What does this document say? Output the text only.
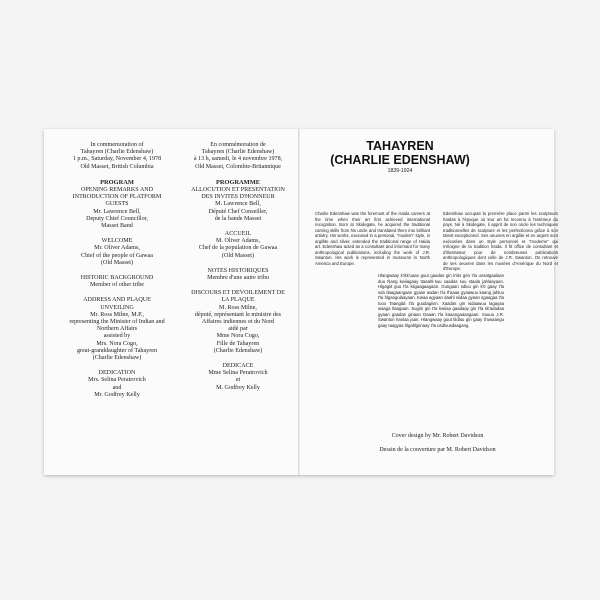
In commemoration of
Tahayren (Charlie Edenshaw)
1 p.m., Saturday, November 4, 1978
Old Masset, British Columbia
PROGRAM
OPENING REMARKS AND
INTRODUCTION OF PLATFORM
GUESTS
Mr. Lawrence Bell,
Deputy Chief Councillor,
Masset Band
WELCOME
Mr. Oliver Adams,
Chief of the people of Gawaa
(Old Masset)
HISTORIC BACKGROUND
Member of other tribe
ADDRESS AND PLAQUE
UNVEILING
Mr. Ross Milne, M.P.,
representing the Minister of Indian and
Northern Affairs
assisted by
Mrs. Nora Cogo,
great-granddaughter of Tahayren
(Charlie Edenshaw)
DEDICATION
Mrs. Selina Peratrovich
and
Mr. Godfrey Kelly
En commémoration de
Tahayren (Charlie Edenshaw)
à 13 h, samedi, le 4 novembre 1978,
Old Masset, Colombie-Britannique
PROGRAMME
ALLOCUTION ET PRESENTATION
DES INVITES D'HONNEUR
M. Lawrence Bell,
Député Chef Conseiller,
de la bande Masset
ACCUEIL
M. Oliver Adams,
Chef de la population de Gawaa
(Old Masset)
NOTES HISTORIQUES
Membre d'une autre tribu
DISCOURS ET DEVOILEMENT DE
LA PLAQUE
M. Ross Milne,
député, représentant le ministre des
Affaires indiennes et du Nord
aidé par
Mme Nora Cogo,
Fille de Tahayren
(Charlie Edenshaw)
DEDICACE
Mme Selina Peratrovich
et
M. Godfrey Kelly
TAHAYREN
(CHARLIE EDENSHAW)
1839-1924
Charlie Edenshaw was the foremost of the Haida carvers at the time when their art first achieved international recognition. Born at Skidegate, he acquired the traditional carving skills from his uncle and translated them into brilliant artistry. His works, executed in a personal, "modern" style, in argillite and silver, extended the traditional range of Haida art. Edenshaw acted as a consultant and informant for many anthropological publications, including the work of J.R. Swanton. His work is represented in museums in North America and Europe.
Edenshaw occupait la première place parmi les sculpteurs haïdas à l'époque où leur art fut reconnu à l'extérieur du pays. Né à Skidegate, il apprit de son oncle les techniques traditionnelles de sculpture et les perfectionna grâce à son talent exceptionnel. Ses oeuvres en argilite et en argent sont exécutées dans un style personnel et "moderne" qui s'éloigne de la tradition haïda. Il fit office de consultant et d'illustrateur pour de nombreuses publications anthropologiques dont celle de J.R. Swanton. On retrouve de ses oeuvres dans les musées d'Amérique du Nord et d'Europe.
Hlangwaay k'iitk'uaan guut gaadas gin k'iits gén t'la unsatgaalaan duu Ñang kwiiagaay ttaaahl-suu xaadas suu staala jahlaayaan. Hlgagiit guu t'la kiigaagaagaan. Gungaan sdluu gin k'it gaay t'la sda tlaagaangaan gyaan aadan t'la tl'aaaa gyaawuu kaang jahluu t'la hlgangulaayaan. Kwaa agyaan daahl siidaa gyaan sgaagaa t'la tooo Taangáá t'la guudagiinn. Xaadas gin isdaawuu lagayaa waaga tlaagaan. Sugiin gin t'la kwiiaa gaadaay gin t'la sk'adadaa gyaan gaadas ginaan Daaan t'la kaaangaaangaan. Suuuu J.R. Swanton hanlaa jaan. Hlangwaay guut tlidluu gin gaay tl'uwaangu gaay taagyaa hlgahlgiinaay t'la usdluusdaagang.
Cover design by Mr. Robert Davidson
Dessin de la couverture par M. Robert Davidson
